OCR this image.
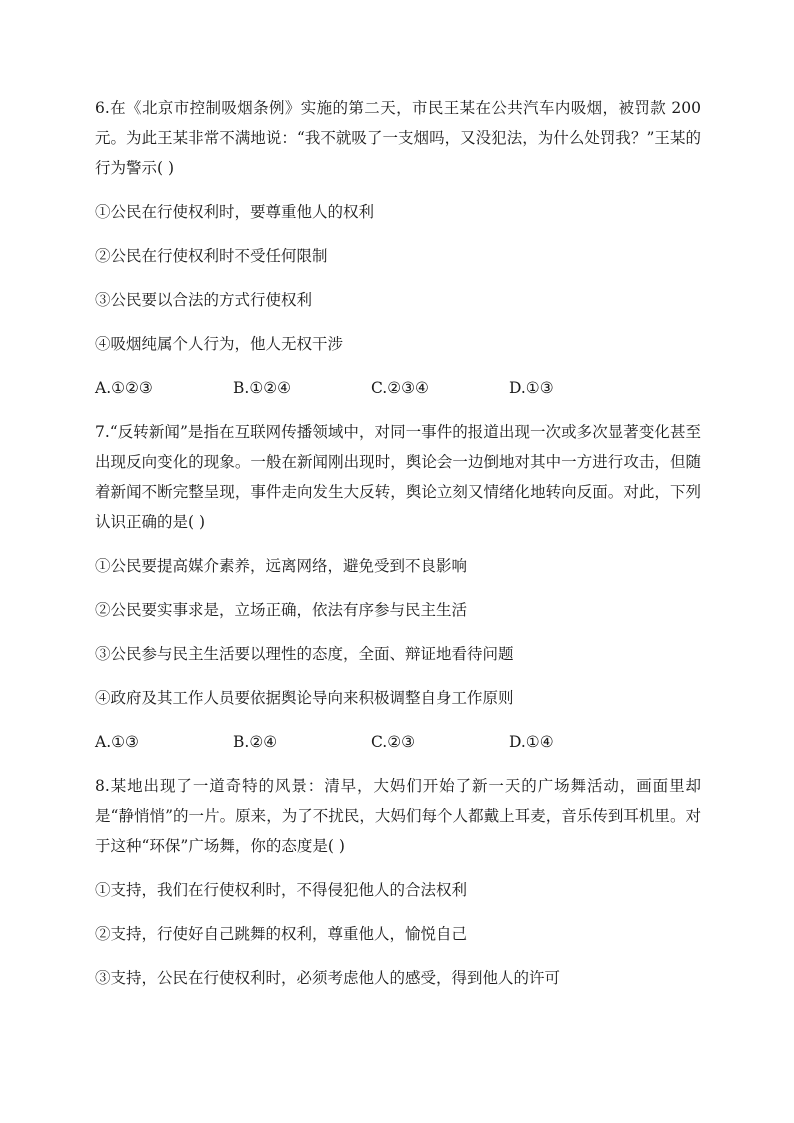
6.在《北京市控制吸烟条例》实施的第二天，市民王某在公共汽车内吸烟，被罚款 200元。为此王某非常不满地说：“我不就吸了一支烟吗，又没犯法，为什么处罚我？”王某的行为警示( )

①公民在行使权利时，要尊重他人的权利

②公民在行使权利时不受任何限制

③公民要以合法的方式行使权利

④吸烟纯属个人行为，他人无权干涉

A.①②③	B.①②④	C.②③④	D.①③

7.“反转新闻”是指在互联网传播领域中，对同一事件的报道出现一次或多次显著变化甚至出现反向变化的现象。一般在新闻刚出现时，舆论会一边倒地对其中一方进行攻击，但随着新闻不断完整呈现，事件走向发生大反转，舆论立刻又情绪化地转向反面。对此，下列认识正确的是( )

①公民要提高媒介素养，远离网络，避免受到不良影响

②公民要实事求是，立场正确，依法有序参与民主生活

③公民参与民主生活要以理性的态度，全面、辩证地看待问题

④政府及其工作人员要依据舆论导向来积极调整自身工作原则

A.①③	B.②④	C.②③	D.①④

8.某地出现了一道奇特的风景：清早，大妈们开始了新一天的广场舞活动，画面里却是“静悄悄”的一片。原来，为了不扰民，大妈们每个人都戴上耳麦，音乐传到耳机里。对于这种“环保”广场舞，你的态度是( )

①支持，我们在行使权利时，不得侵犯他人的合法权利

②支持，行使好自己跳舞的权利，尊重他人，愉悦自己

③支持，公民在行使权利时，必须考虑他人的感受，得到他人的许可
